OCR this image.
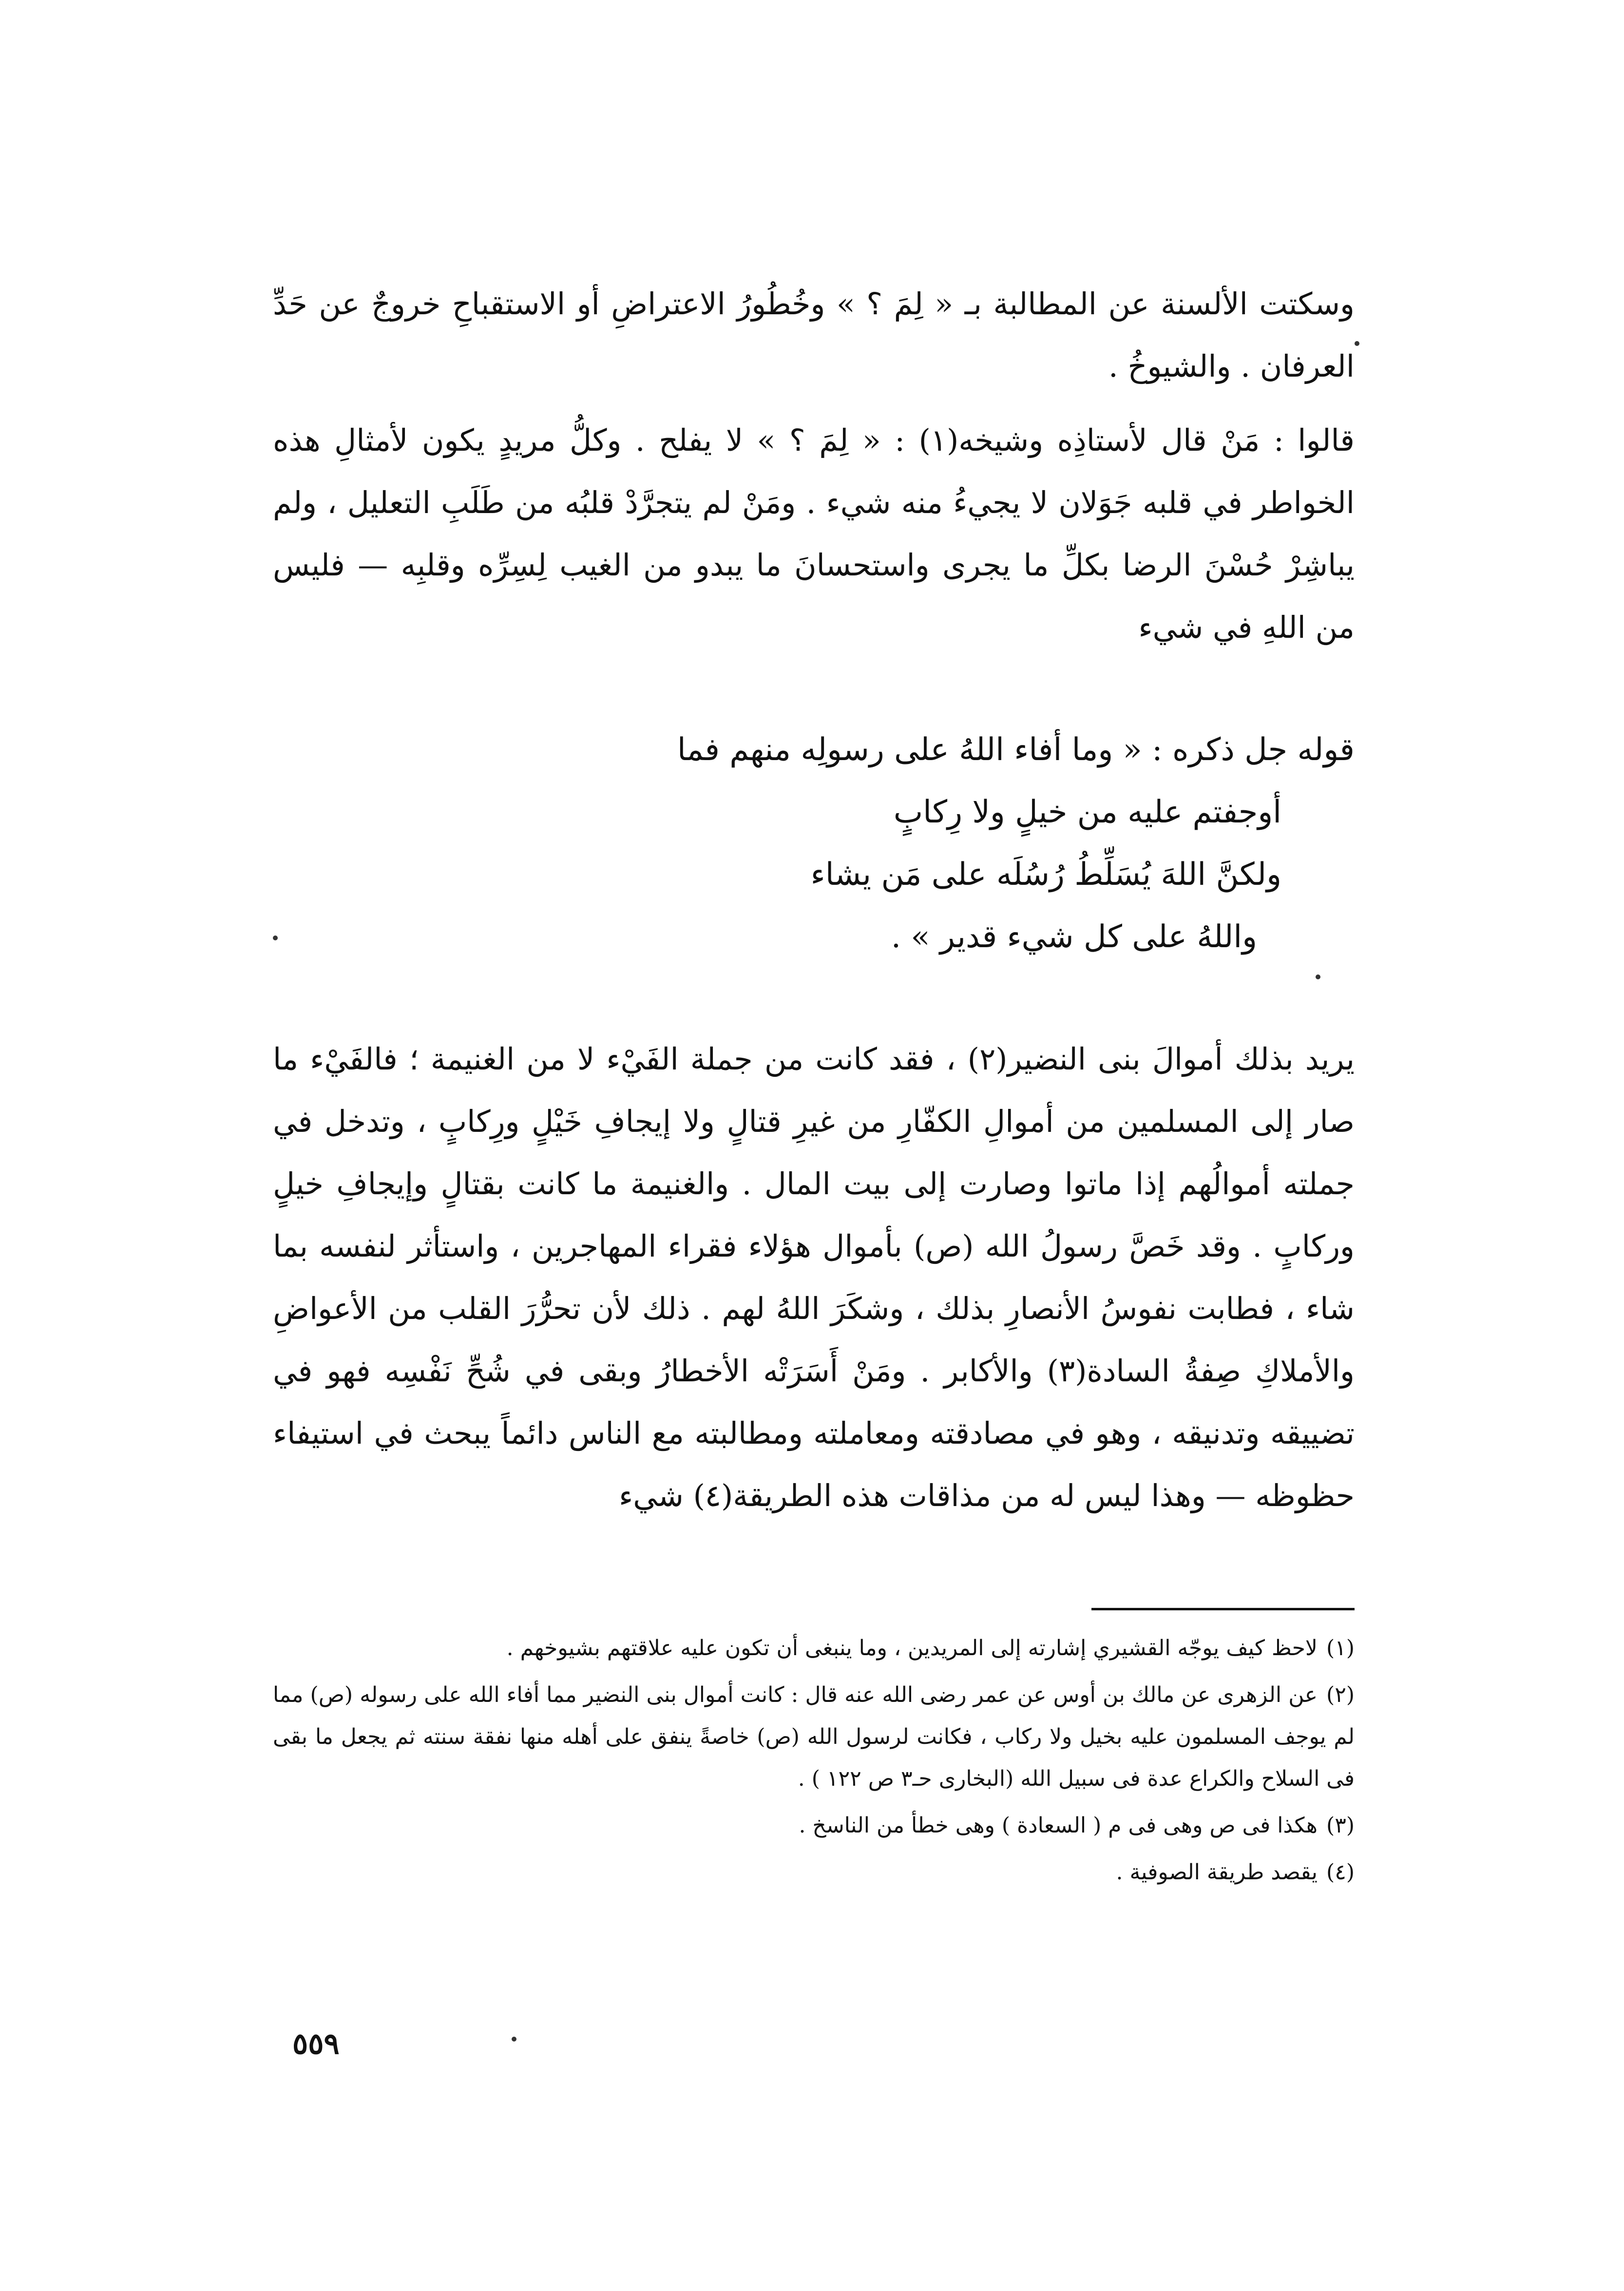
وسكتت الألسنة عن المطالبة بـ « لِمَ ؟ » وخُطُورُ الاعتراضِ أو الاستقباحِ خروجٌ عن حَدِّ العرفان . والشيوخُ .

قالوا : مَنْ قال لأستاذِه وشيخه(١) : « لِمَ ؟ » لا يفلح . وكلُّ مريدٍ يكون لأمثالِ هذه الخواطر في قلبه جَوَلان لا يجيءُ منه شيء . ومَنْ لم يتجرَّدْ قلبُه من طَلَبِ التعليل ، ولم يباشِرْ حُسْنَ الرضا بكلِّ ما يجرى واستحسانَ ما يبدو من الغيب لِسِرِّه وقلبِه — فليس من اللهِ في شيء

قوله جل ذكره : « وما أفاء اللهُ على رسولِه منهم فما
أوجفتم عليه من خيلٍ ولا رِكابٍ
ولكنَّ اللهَ يُسَلِّطُ رُسُلَه على مَن يشاء
واللهُ على كل شيء قدير » .

يريد بذلك أموالَ بنى النضير(٢) ، فقد كانت من جملة الفَيْء لا من الغنيمة ؛ فالفَيْء ما صار إلى المسلمين من أموالِ الكفّارِ من غيرِ قتالٍ ولا إيجافِ خَيْلٍ ورِكابٍ ، وتدخل في جملته أموالُهم إذا ماتوا وصارت إلى بيت المال . والغنيمة ما كانت بقتالٍ وإيجافِ خيلٍ وركابٍ . وقد خَصَّ رسولُ الله (ص) بأموال هؤلاء فقراء المهاجرين ، واستأثر لنفسه بما شاء ، فطابت نفوسُ الأنصارِ بذلك ، وشكَرَ اللهُ لهم . ذلك لأن تحرُّرَ القلب من الأعواضِ والأملاكِ صِفةُ السادة(٣) والأكابر . ومَنْ أَسَرَتْه الأخطارُ وبقى في شُحِّ نَفْسِه فهو في تضييقه وتدنيقه ، وهو في مصادقته ومعاملته ومطالبته مع الناس دائماً يبحث في استيفاء حظوظه — وهذا ليس له من مذاقات هذه الطريقة(٤) شيء

(١)لاحظ كيف يوجّه القشيري إشارته إلى المريدين ، وما ينبغى أن تكون عليه علاقتهم بشيوخهم .

(٢)عن الزهرى عن مالك بن أوس عن عمر رضى الله عنه قال : كانت أموال بنى النضير مما أفاء الله على رسوله (ص) مما لم يوجف المسلمون عليه بخيل ولا ركاب ، فكانت لرسول الله (ص) خاصةً ينفق على أهله منها نفقة سنته ثم يجعل ما بقى فى السلاح والكراع عدة فى سبيل الله (البخارى حـ٣ ص ١٢٢ ) .

(٣)هكذا فى ص وهى فى م ( السعادة ) وهى خطأ من الناسخ .

(٤)يقصد طريقة الصوفية .

٥٥٩
